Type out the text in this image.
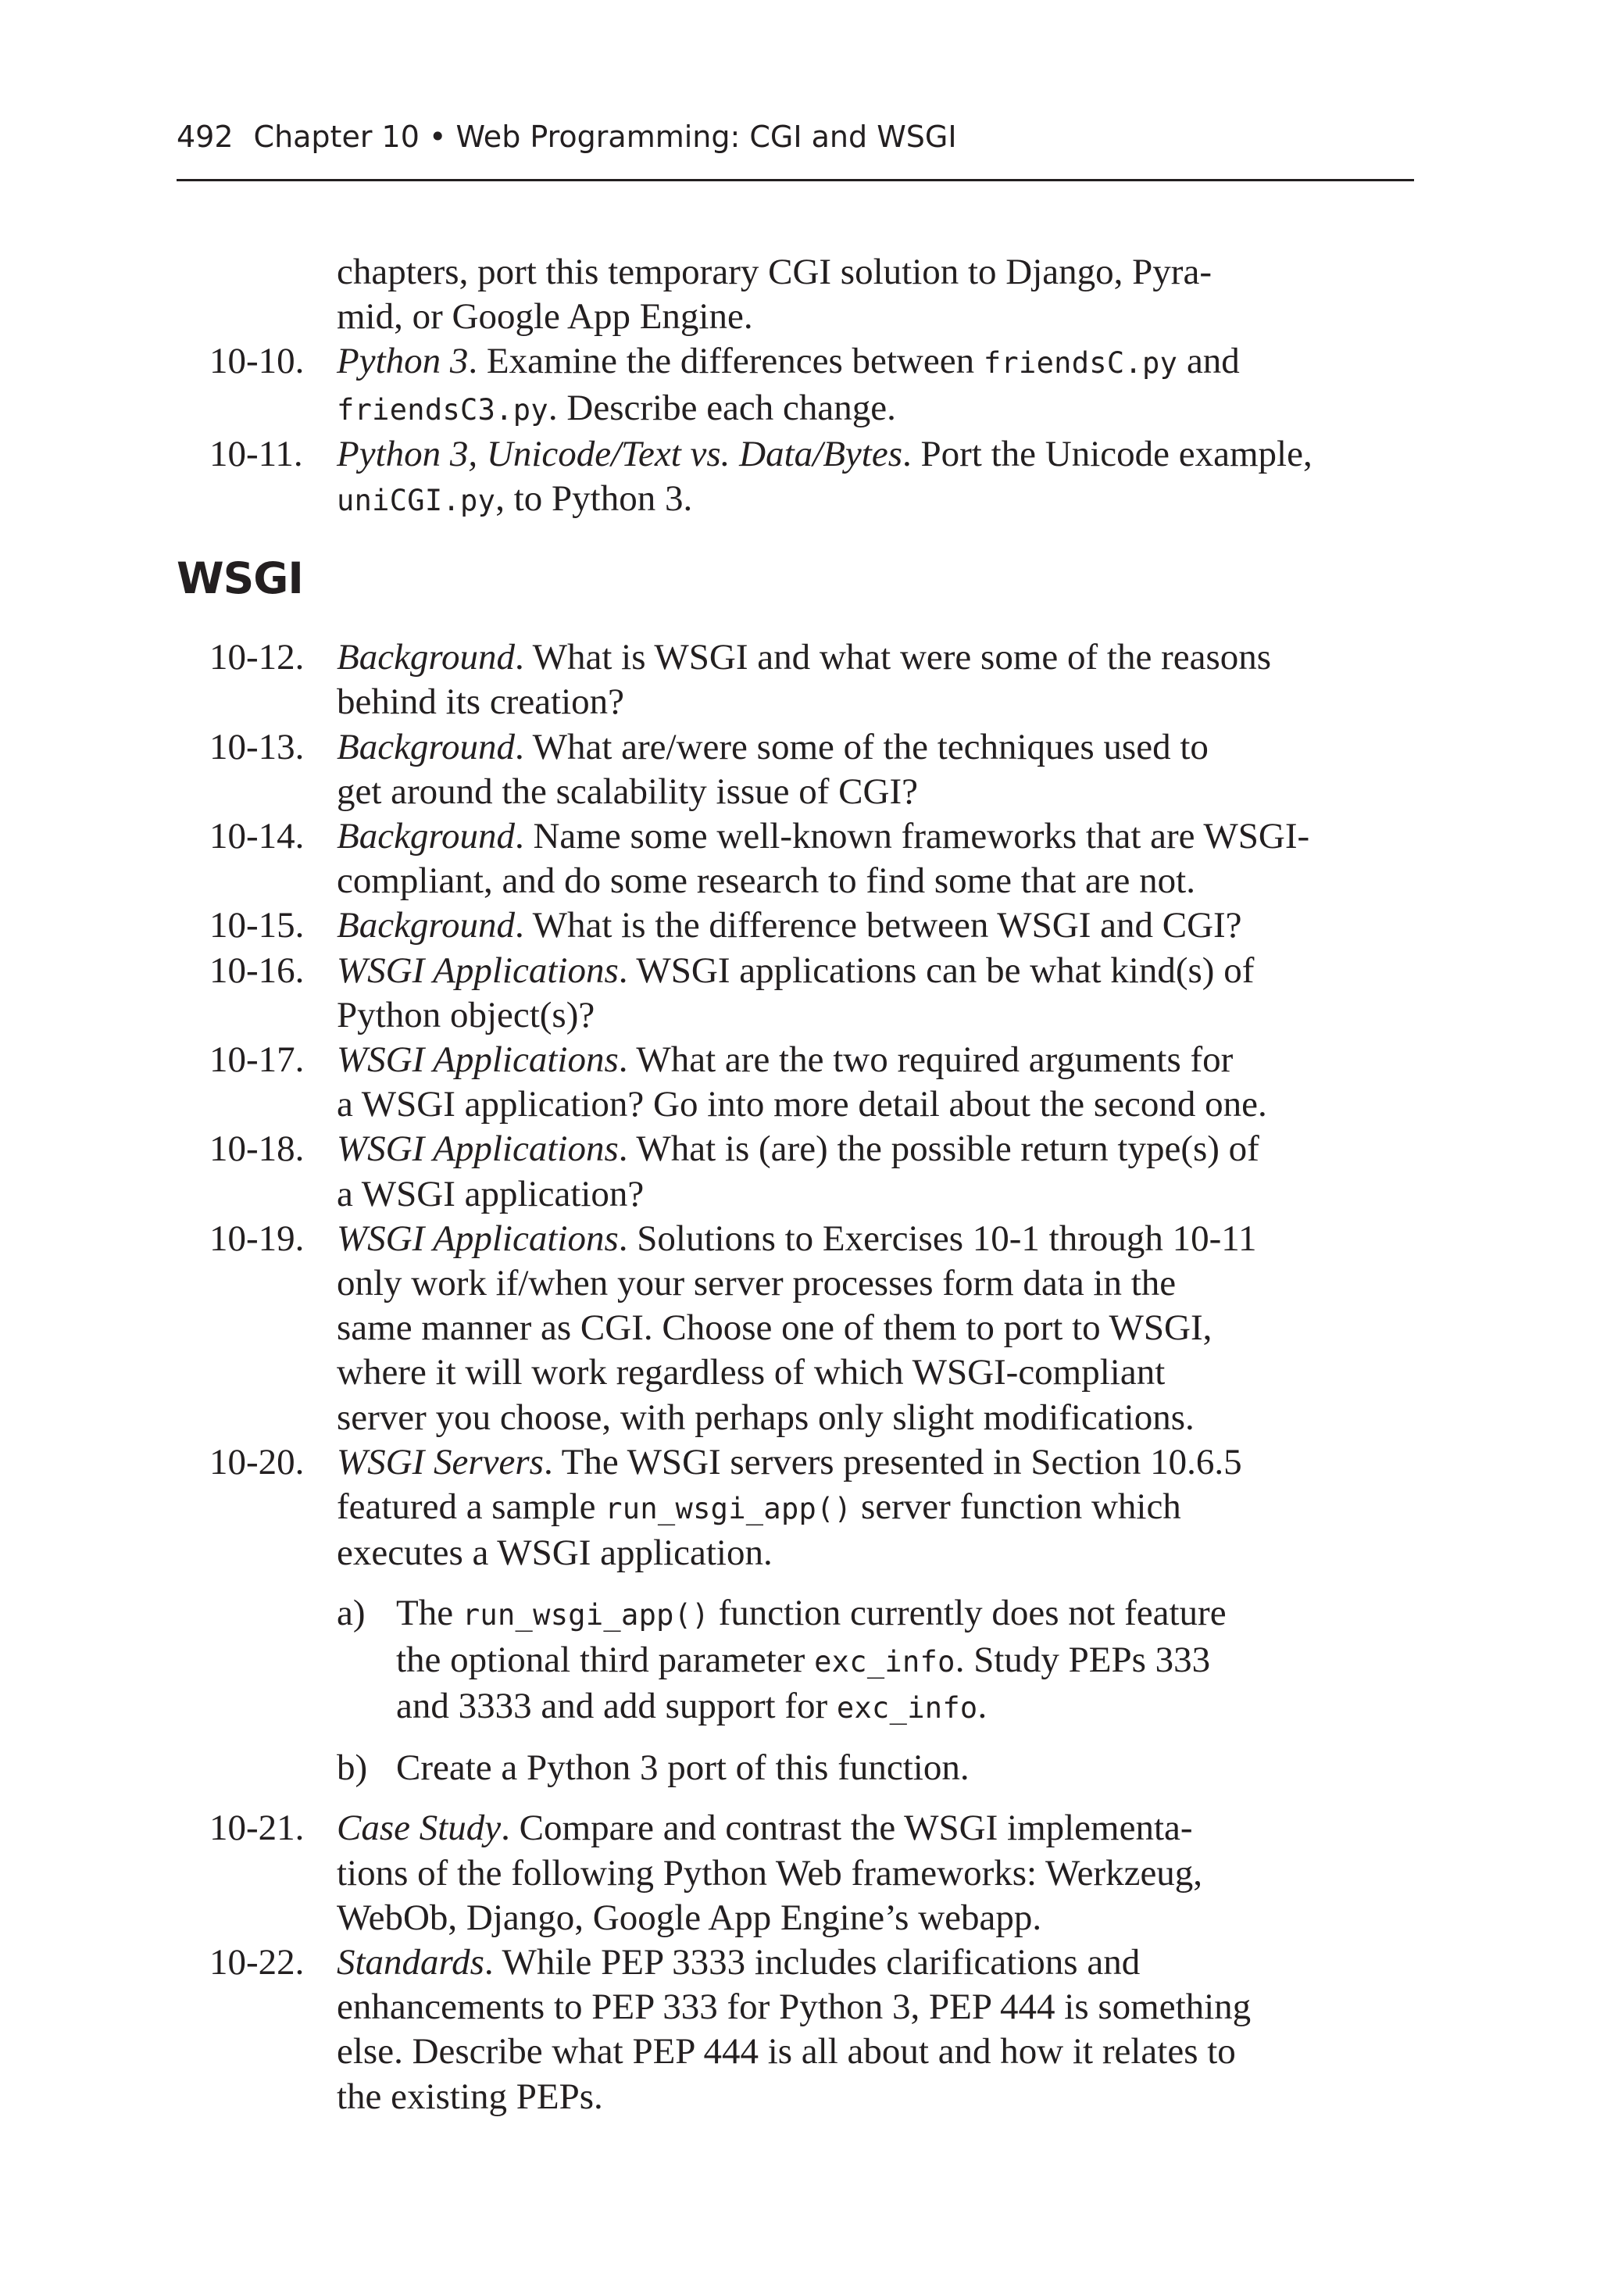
492 Chapter 10 • Web Programming: CGI and WSGI
chapters, port this temporary CGI solution to Django, Pyra-
mid, or Google App Engine.
10-10. Python 3. Examine the differences between friendsC.py and
friendsC3.py. Describe each change.
10-11. Python 3, Unicode/Text vs. Data/Bytes. Port the Unicode example,
uniCGI.py, to Python 3.
WSGI
10-12. Background. What is WSGI and what were some of the reasons
behind its creation?
10-13. Background. What are/were some of the techniques used to
get around the scalability issue of CGI?
10-14. Background. Name some well-known frameworks that are WSGI-
compliant, and do some research to find some that are not.
10-15. Background. What is the difference between WSGI and CGI?
10-16. WSGI Applications. WSGI applications can be what kind(s) of
Python object(s)?
10-17. WSGI Applications. What are the two required arguments for
a WSGI application? Go into more detail about the second one.
10-18. WSGI Applications. What is (are) the possible return type(s) of
a WSGI application?
10-19. WSGI Applications. Solutions to Exercises 10-1 through 10-11
only work if/when your server processes form data in the
same manner as CGI. Choose one of them to port to WSGI,
where it will work regardless of which WSGI-compliant
server you choose, with perhaps only slight modifications.
10-20. WSGI Servers. The WSGI servers presented in Section 10.6.5
featured a sample run_wsgi_app() server function which
executes a WSGI application.
a) The run_wsgi_app() function currently does not feature
the optional third parameter exc_info. Study PEPs 333
and 3333 and add support for exc_info.
b) Create a Python 3 port of this function.
10-21. Case Study. Compare and contrast the WSGI implementa-
tions of the following Python Web frameworks: Werkzeug,
WebOb, Django, Google App Engine’s webapp.
10-22. Standards. While PEP 3333 includes clarifications and
enhancements to PEP 333 for Python 3, PEP 444 is something
else. Describe what PEP 444 is all about and how it relates to
the existing PEPs.
